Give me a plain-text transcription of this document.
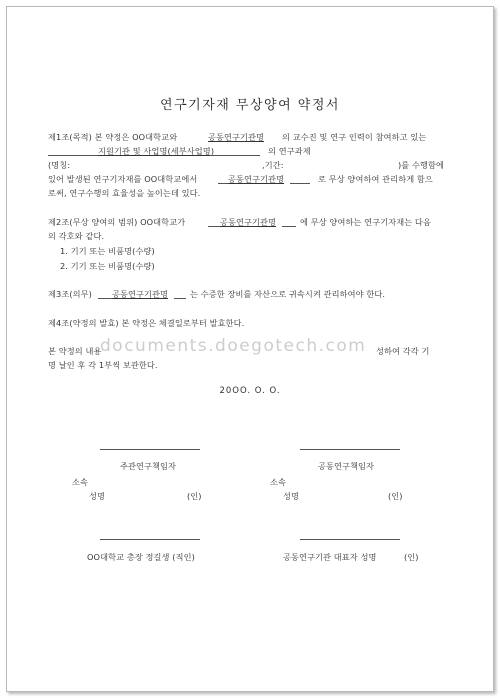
연구기자재 무상양여 약정서
제1조(목적) 본 약정은 OO대학교와	공동연구기관명 의 교수진 및 연구 인력이 참여하고 있는
지원기관 및 사업명(세부사업명)	의 연구과제
(명칭:	,기간:	)를 수행함에
있어 발생된 연구기자재를 OO대학교에서	공동연구기관명	로 무상 양여하여 관리하게 함으
로써, 연구수행의 효율성을 높이는데 있다.
제2조(무상 양여의 범위) OO대학교가	공동연구기관명	에 무상 양여하는 연구기자재는 다음
의 각호와 같다.
1. 기기 또는 비품명(수량)
2. 기기 또는 비품명(수량)
제3조(의무) 공동연구기관명	는 수증한 장비를 자산으로 귀속시켜 관리하여야 한다.
제4조(약정의 발효) 본 약정은 체결일로부터 발효한다.
본 약정의 내용	성하여 각각 기
명 날인 후 각 1부씩 보관한다.
documents.doegotech.com
20OO. O. O.
주관연구책임자	공동연구책임자
소속	소속
성명	(인)	성명	(인)
OO대학교 총장 정길생 (직인)	공동연구기관 대표자 성명	(인)
